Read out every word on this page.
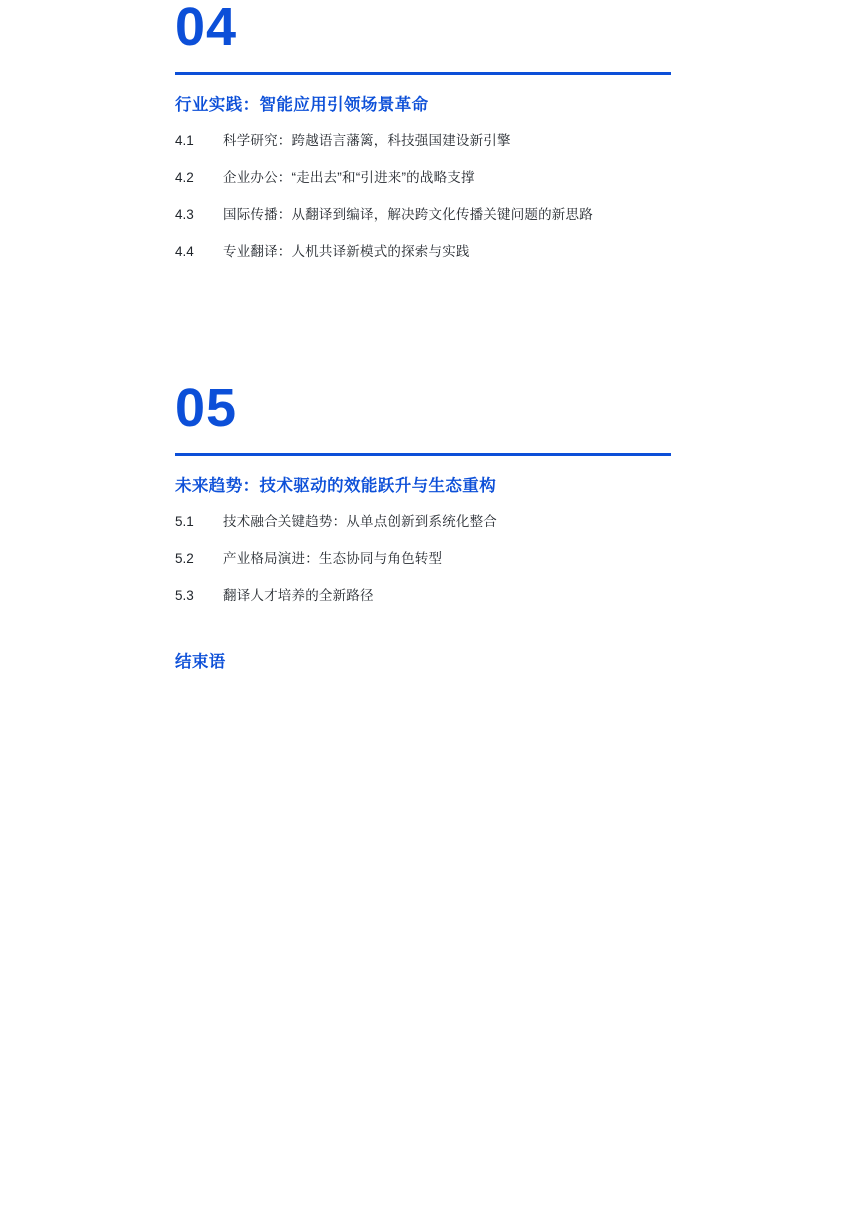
04
行业实践：智能应用引领场景革命
4.1	科学研究：跨越语言藩篱，科技强国建设新引擎
4.2	企业办公：“走出去”和“引进来”的战略支撑
4.3	国际传播：从翻译到编译，解决跨文化传播关键问题的新思路
4.4	专业翻译：人机共译新模式的探索与实践
05
未来趋势：技术驱动的效能跃升与生态重构
5.1	技术融合关键趋势：从单点创新到系统化整合
5.2	产业格局演进：生态协同与角色转型
5.3	翻译人才培养的全新路径
结束语
